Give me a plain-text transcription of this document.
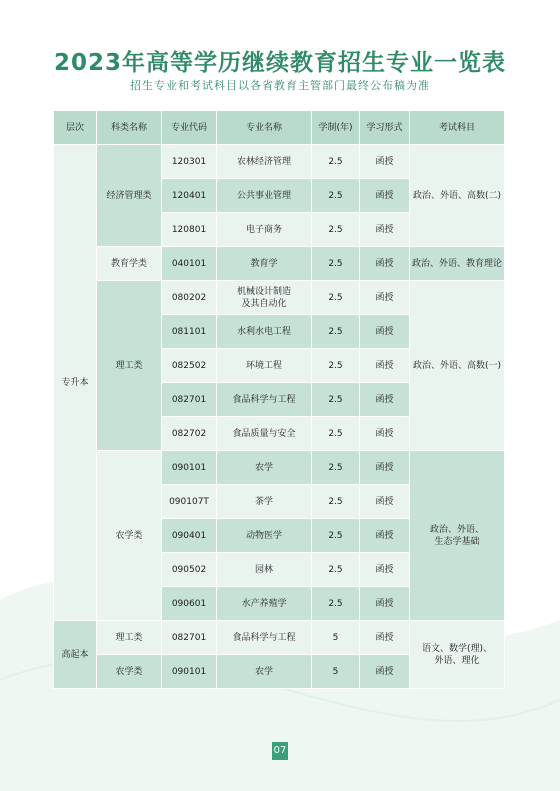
2023年高等学历继续教育招生专业一览表
招生专业和考试科目以各省教育主管部门最终公布稿为准
层次	科类名称	专业代码	专业名称	学制(年)	学习形式	考试科目
专升本	经济管理类	120301	农林经济管理	2.5	函授	政治、外语、高数(二)
		120401	公共事业管理	2.5	函授	
		120801	电子商务	2.5	函授	
	教育学类	040101	教育学	2.5	函授	政治、外语、教育理论
	理工类	080202	机械设计制造
及其自动化	2.5	函授	政治、外语、高数(一)
		081101	水利水电工程	2.5	函授	
		082502	环境工程	2.5	函授	
		082701	食品科学与工程	2.5	函授	
		082702	食品质量与安全	2.5	函授	
	农学类	090101	农学	2.5	函授	政治、外语、
生态学基础
		090107T	茶学	2.5	函授	
		090401	动物医学	2.5	函授	
		090502	园林	2.5	函授	
		090601	水产养殖学	2.5	函授	
高起本	理工类	082701	食品科学与工程	5	函授	语文、数学(理)、
外语、理化
	农学类	090101	农学	5	函授	
07
